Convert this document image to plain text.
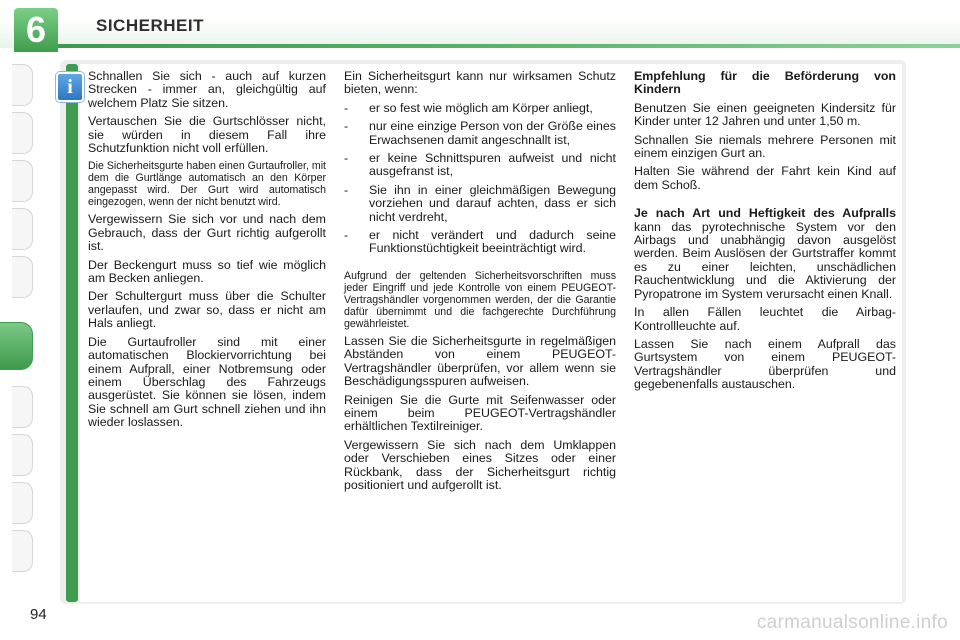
6	SICHERHEIT
i	Schnallen Sie sich - auch auf kurzen Strecken - immer an, gleichgültig auf welchem Platz Sie sitzen.

Vertauschen Sie die Gurtschlösser nicht, sie würden in diesem Fall ihre Schutzfunktion nicht voll erfüllen.

Die Sicherheitsgurte haben einen Gurtaufroller, mit dem die Gurtlänge automatisch an den Körper angepasst wird. Der Gurt wird automatisch eingezogen, wenn der nicht benutzt wird.

Vergewissern Sie sich vor und nach dem Gebrauch, dass der Gurt richtig aufgerollt ist.

Der Beckengurt muss so tief wie möglich am Becken anliegen.

Der Schultergurt muss über die Schulter verlaufen, und zwar so, dass er nicht am Hals anliegt.

Die Gurtaufroller sind mit einer automatischen Blockiervorrichtung bei einem Aufprall, einer Notbremsung oder einem Überschlag des Fahrzeugs ausgerüstet. Sie können sie lösen, indem Sie schnell am Gurt schnell ziehen und ihn wieder loslassen.

Ein Sicherheitsgurt kann nur wirksamen Schutz bieten, wenn:

- er so fest wie möglich am Körper anliegt,
- nur eine einzige Person von der Größe eines Erwachsenen damit angeschnallt ist,
- er keine Schnittspuren aufweist und nicht ausgefranst ist,
- Sie ihn in einer gleichmäßigen Bewegung vorziehen und darauf achten, dass er sich nicht verdreht,
- er nicht verändert und dadurch seine Funktionstüchtigkeit beeinträchtigt wird.

Aufgrund der geltenden Sicherheitsvorschriften muss jeder Eingriff und jede Kontrolle von einem PEUGEOT-Vertragshändler vorgenommen werden, der die Garantie dafür übernimmt und die fachgerechte Durchführung gewährleistet.

Lassen Sie die Sicherheitsgurte in regelmäßigen Abständen von einem PEUGEOT-Vertragshändler überprüfen, vor allem wenn sie Beschädigungsspuren aufweisen.

Reinigen Sie die Gurte mit Seifenwasser oder einem beim PEUGEOT-Vertragshändler erhältlichen Textilreiniger.

Vergewissern Sie sich nach dem Umklappen oder Verschieben eines Sitzes oder einer Rückbank, dass der Sicherheitsgurt richtig positioniert und aufgerollt ist.

Empfehlung für die Beförderung von Kindern

Benutzen Sie einen geeigneten Kindersitz für Kinder unter 12 Jahren und unter 1,50 m.

Schnallen Sie niemals mehrere Personen mit einem einzigen Gurt an.

Halten Sie während der Fahrt kein Kind auf dem Schoß.

Je nach Art und Heftigkeit des Aufpralls kann das pyrotechnische System vor den Airbags und unabhängig davon ausgelöst werden. Beim Auslösen der Gurtstraffer kommt es zu einer leichten, unschädlichen Rauchentwicklung und die Aktivierung der Pyropatrone im System verursacht einen Knall.

In allen Fällen leuchtet die Airbag-Kontrollleuchte auf.

Lassen Sie nach einem Aufprall das Gurtsystem von einem PEUGEOT-Vertragshändler überprüfen und gegebenenfalls austauschen.

94	carmanualsonline.info
